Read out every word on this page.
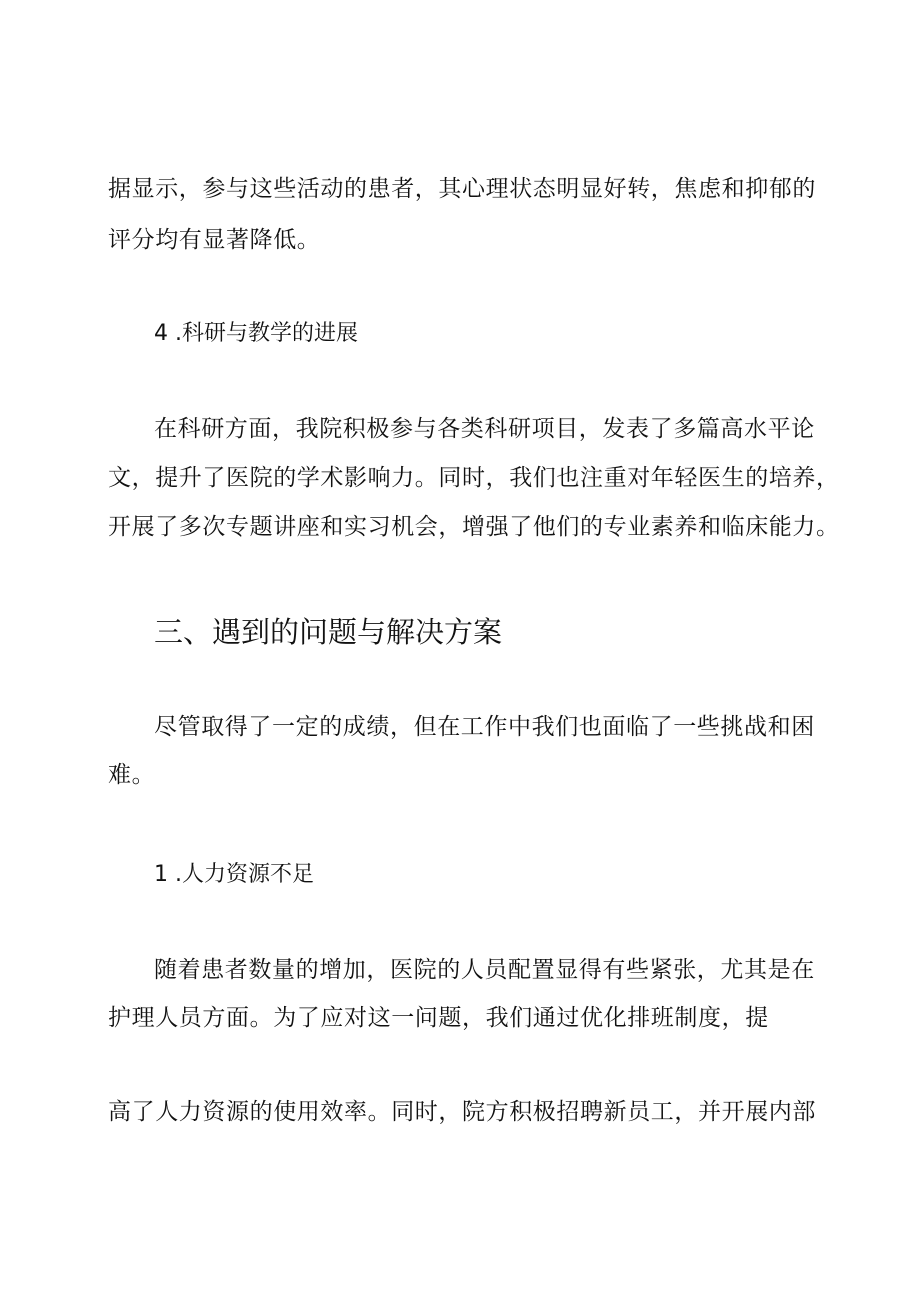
据显示，参与这些活动的患者，其心理状态明显好转，焦虑和抑郁的
评分均有显著降低。
4 .科研与教学的进展
在科研方面，我院积极参与各类科研项目，发表了多篇高水平论
文，提升了医院的学术影响力。同时，我们也注重对年轻医生的培养，
开展了多次专题讲座和实习机会，增强了他们的专业素养和临床能力。
三、遇到的问题与解决方案
尽管取得了一定的成绩，但在工作中我们也面临了一些挑战和困
难。
1 .人力资源不足
随着患者数量的增加，医院的人员配置显得有些紧张，尤其是在
护理人员方面。为了应对这一问题，我们通过优化排班制度，提
高了人力资源的使用效率。同时，院方积极招聘新员工，并开展内部
